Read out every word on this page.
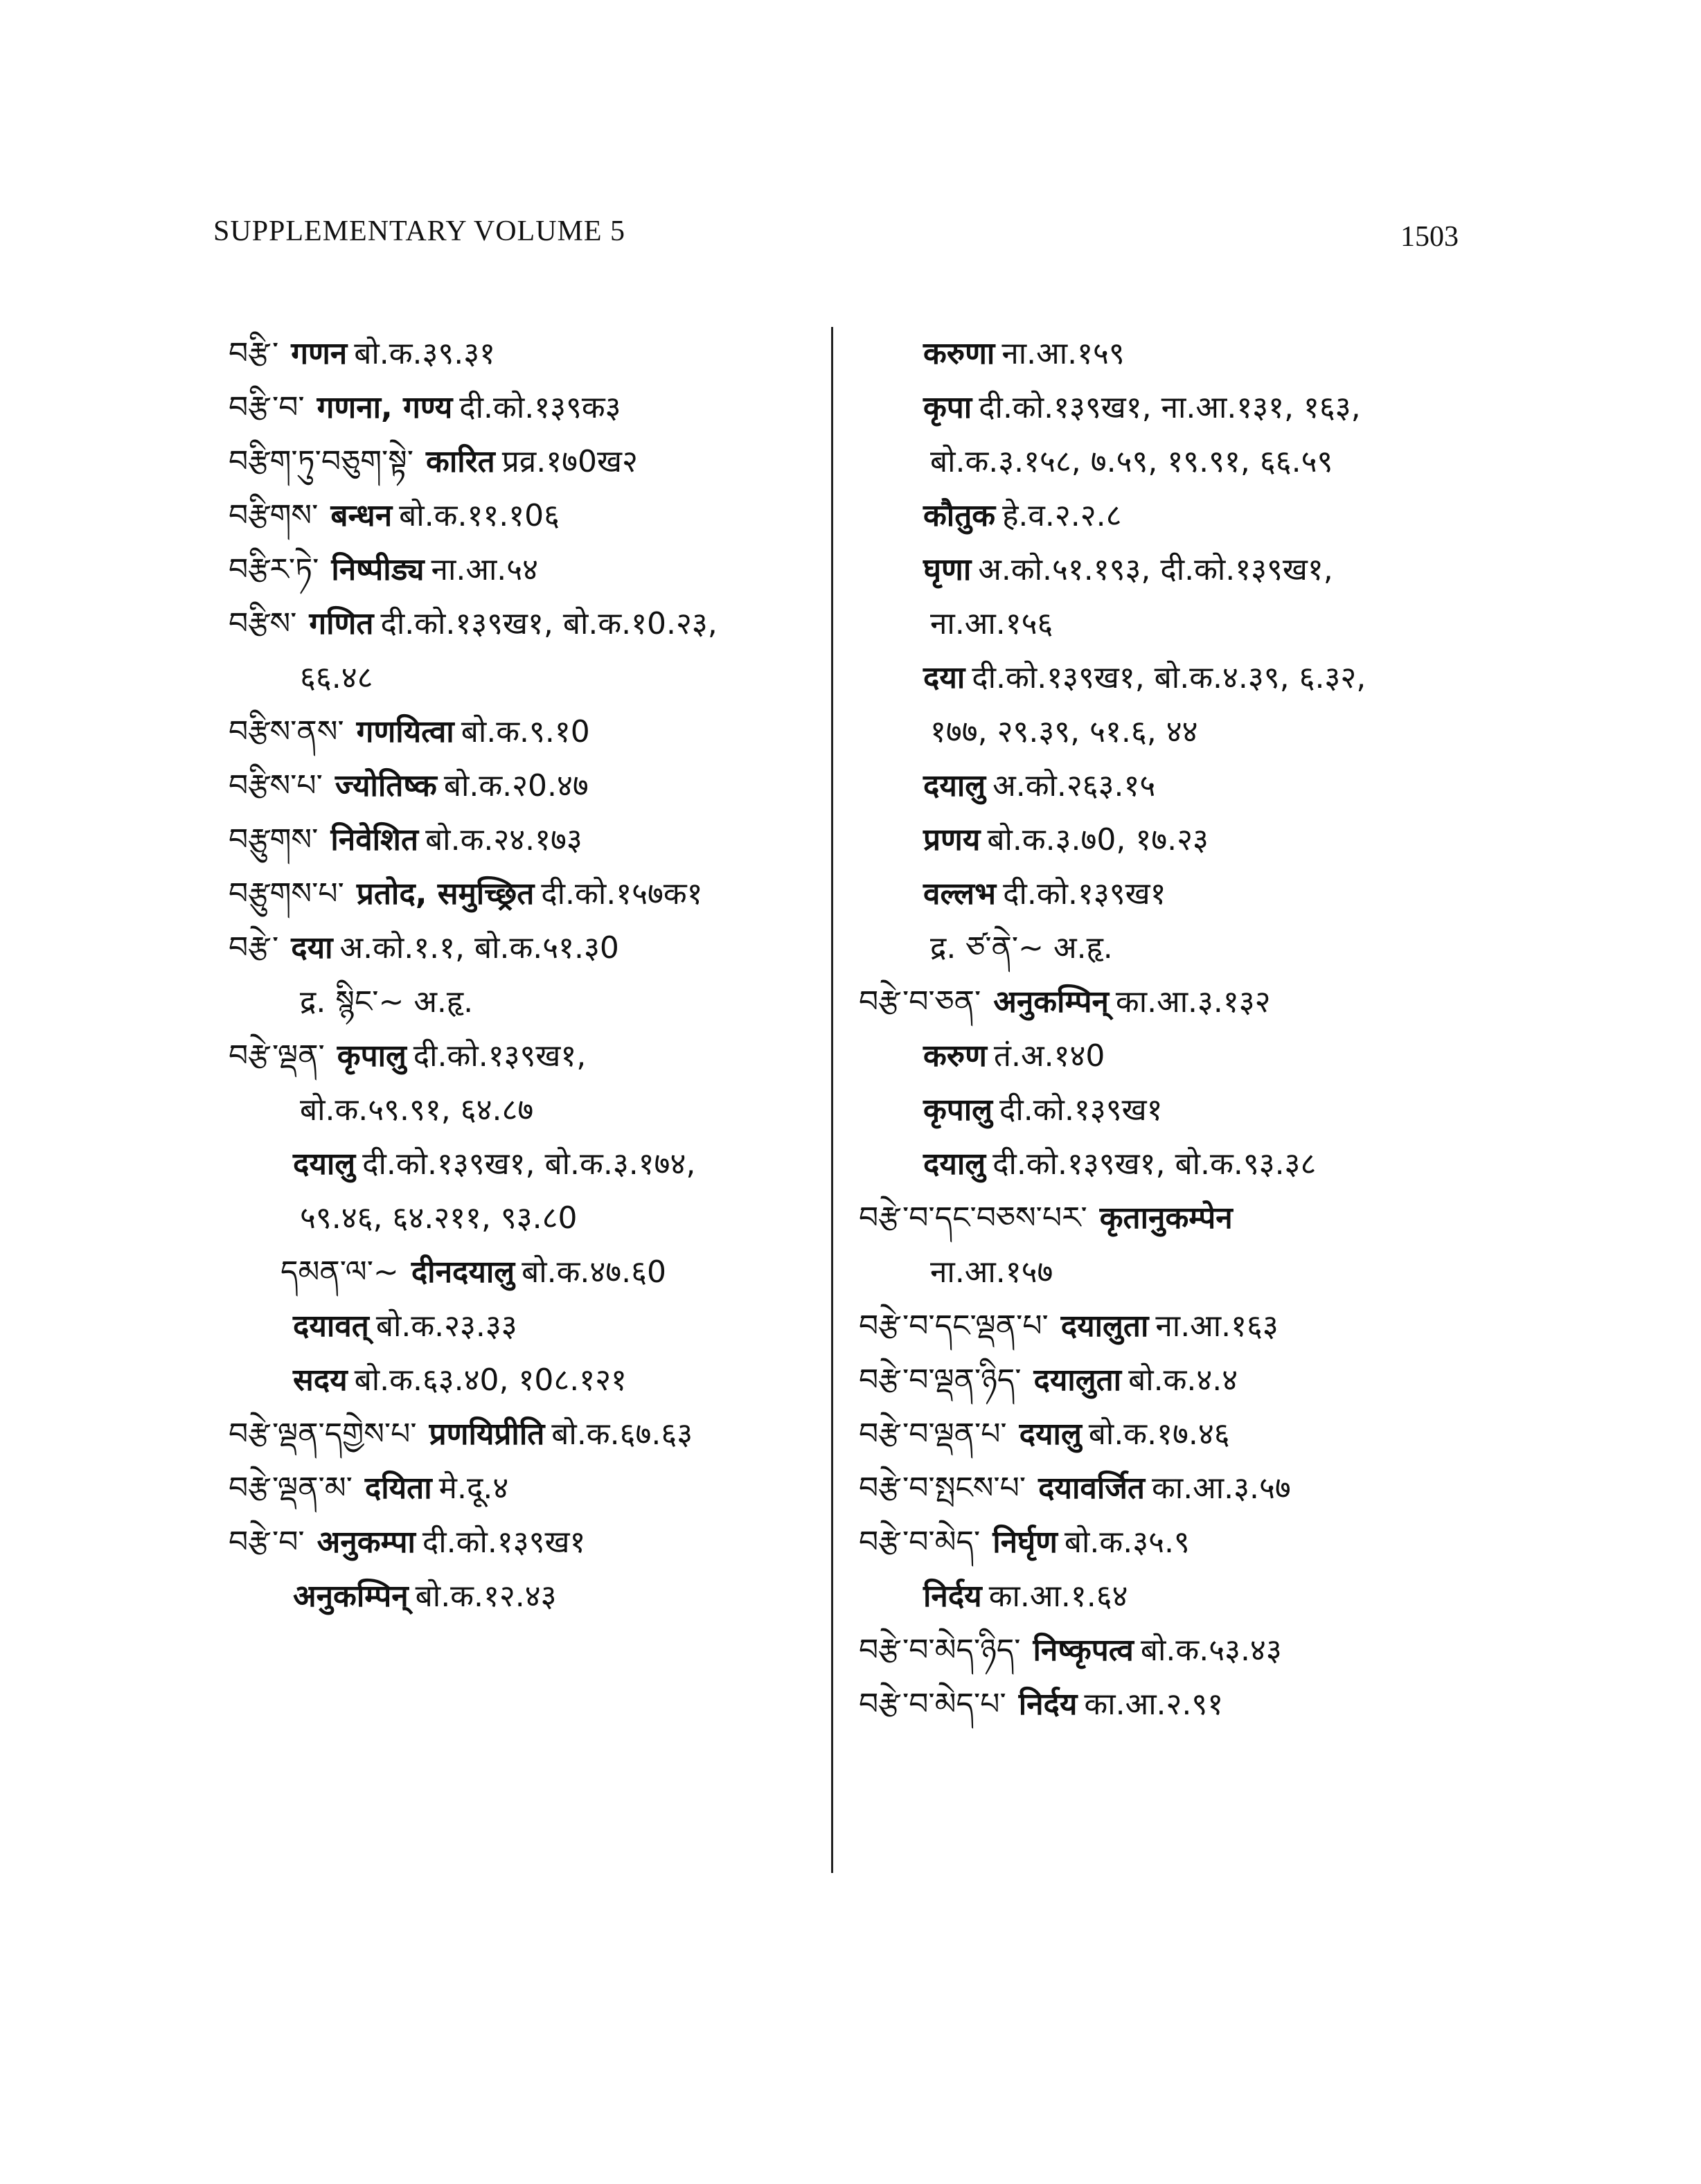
SUPPLEMENTARY VOLUME 5	1503
བརྩི་ गणन बो.क.३९.३१
བརྩི་བ་ गणना, गण्य दी.को.१३९क३
བརྩིག་ཏུ་བཅུག་སྟེ་ कारित प्रव्र.१७0ख२
བརྩིགས་ बन्धन बो.क.११.१0६
བརྩིར་ཏེ་ निष्पीड्य ना.आ.५४
བརྩིས་ गणित दी.को.१३९ख१, बो.क.१0.२३,
६६.४८
བརྩིས་ནས་ गणयित्वा बो.क.९.१0
བརྩིས་པ་ ज्योतिष्क बो.क.२0.४७
བརྩུགས་ निवेशित बो.क.२४.१७३
བརྩུགས་པ་ प्रतोद, समुच्छ्रित दी.को.१५७क१
བརྩེ་ दया अ.को.१.१, बो.क.५१.३0
द्र. སྙིང་~ अ.हृ.
བརྩེ་ལྡན་ कृपालु दी.को.१३९ख१,
बो.क.५९.९१, ६४.८७
दयालु दी.को.१३९ख१, बो.क.३.१७४,
५९.४६, ६४.२११, ९३.८0
དམན་ལ་~ दीनदयालु बो.क.४७.६0
दयावत् बो.क.२३.३३
सदय बो.क.६३.४0, १0८.१२१
བརྩེ་ལྡན་དགྱེས་པ་ प्रणयिप्रीति बो.क.६७.६३
བརྩེ་ལྡན་མ་ दयिता मे.दू.४
བརྩེ་བ་ अनुकम्पा दी.को.१३९ख१
अनुकम्पिन् बो.क.१२.४३
करुणा ना.आ.१५९
कृपा दी.को.१३९ख१, ना.आ.१३१, १६३,
बो.क.३.१५८, ७.५९, १९.९१, ६६.५९
कौतुक हे.व.२.२.८
घृणा अ.को.५१.१९३, दी.को.१३९ख१,
ना.आ.१५६
दया दी.को.१३९ख१, बो.क.४.३९, ६.३२,
१७७, २९.३९, ५१.६, ४४
दयालु अ.को.२६३.१५
प्रणय बो.क.३.७0, १७.२३
वल्लभ दी.को.१३९ख१
द्र. ཙ་ནེ་~ अ.हृ.
བརྩེ་བ་ཅན་ अनुकम्पिन् का.आ.३.१३२
करुण तं.अ.१४0
कृपालु दी.को.१३९ख१
दयालु दी.को.१३९ख१, बो.क.९३.३८
བརྩེ་བ་དང་བཅས་པར་ कृतानुकम्पेन
ना.आ.१५७
བརྩེ་བ་དང་ལྡན་པ་ दयालुता ना.आ.१६३
བརྩེ་བ་ལྡན་ཉིད་ दयालुता बो.क.४.४
བརྩེ་བ་ལྡན་པ་ दयालु बो.क.१७.४६
བརྩེ་བ་སྤངས་པ་ दयावर्जित का.आ.३.५७
བརྩེ་བ་མེད་ निर्घृण बो.क.३५.९
निर्दय का.आ.१.६४
བརྩེ་བ་མེད་ཉིད་ निष्कृपत्व बो.क.५३.४३
བརྩེ་བ་མེད་པ་ निर्दय का.आ.२.९१
